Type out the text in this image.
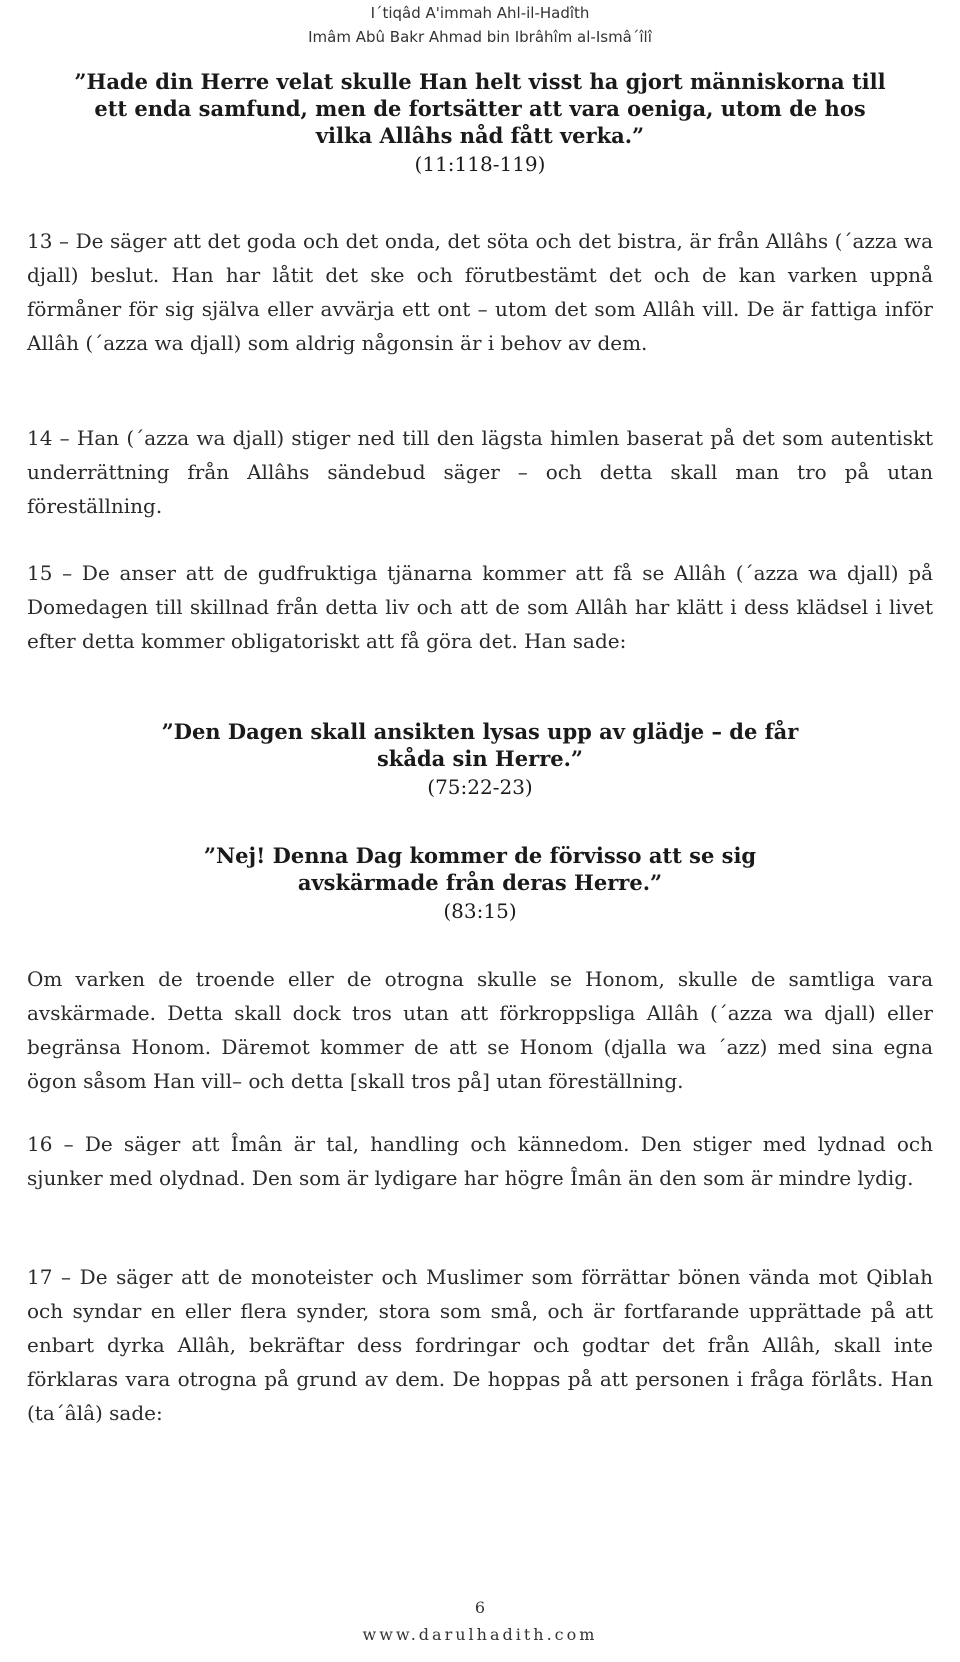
I´tiqâd A'immah Ahl-il-Hadîth
Imâm Abû Bakr Ahmad bin Ibrâhîm al-Ismâ´îlî
”Hade din Herre velat skulle Han helt visst ha gjort människorna till ett enda samfund, men de fortsätter att vara oeniga, utom de hos vilka Allâhs nåd fått verka.”
(11:118-119)

13 – De säger att det goda och det onda, det söta och det bistra, är från Allâhs (´azza wa djall) beslut. Han har låtit det ske och förutbestämt det och de kan varken uppnå förmåner för sig själva eller avvärja ett ont – utom det som Allâh vill. De är fattiga inför Allâh (´azza wa djall) som aldrig någonsin är i behov av dem.

14 – Han (´azza wa djall) stiger ned till den lägsta himlen baserat på det som autentiskt underrättning från Allâhs sändebud säger – och detta skall man tro på utan föreställning.

15 – De anser att de gudfruktiga tjänarna kommer att få se Allâh (´azza wa djall) på Domedagen till skillnad från detta liv och att de som Allâh har klätt i dess klädsel i livet efter detta kommer obligatoriskt att få göra det. Han sade:

”Den Dagen skall ansikten lysas upp av glädje – de får skåda sin Herre.”
(75:22-23)
”Nej! Denna Dag kommer de förvisso att se sig avskärmade från deras Herre.”
(83:15)

Om varken de troende eller de otrogna skulle se Honom, skulle de samtliga vara avskärmade. Detta skall dock tros utan att förkroppsliga Allâh (´azza wa djall) eller begränsa Honom. Däremot kommer de att se Honom (djalla wa ´azz) med sina egna ögon såsom Han vill– och detta [skall tros på] utan föreställning.

16 – De säger att Îmân är tal, handling och kännedom. Den stiger med lydnad och sjunker med olydnad. Den som är lydigare har högre Îmân än den som är mindre lydig.

17 – De säger att de monoteister och Muslimer som förrättar bönen vända mot Qiblah och syndar en eller flera synder, stora som små, och är fortfarande upprättade på att enbart dyrka Allâh, bekräftar dess fordringar och godtar det från Allâh, skall inte förklaras vara otrogna på grund av dem. De hoppas på att personen i fråga förlåts. Han (ta´âlâ) sade:

6
www.darulhadith.com
